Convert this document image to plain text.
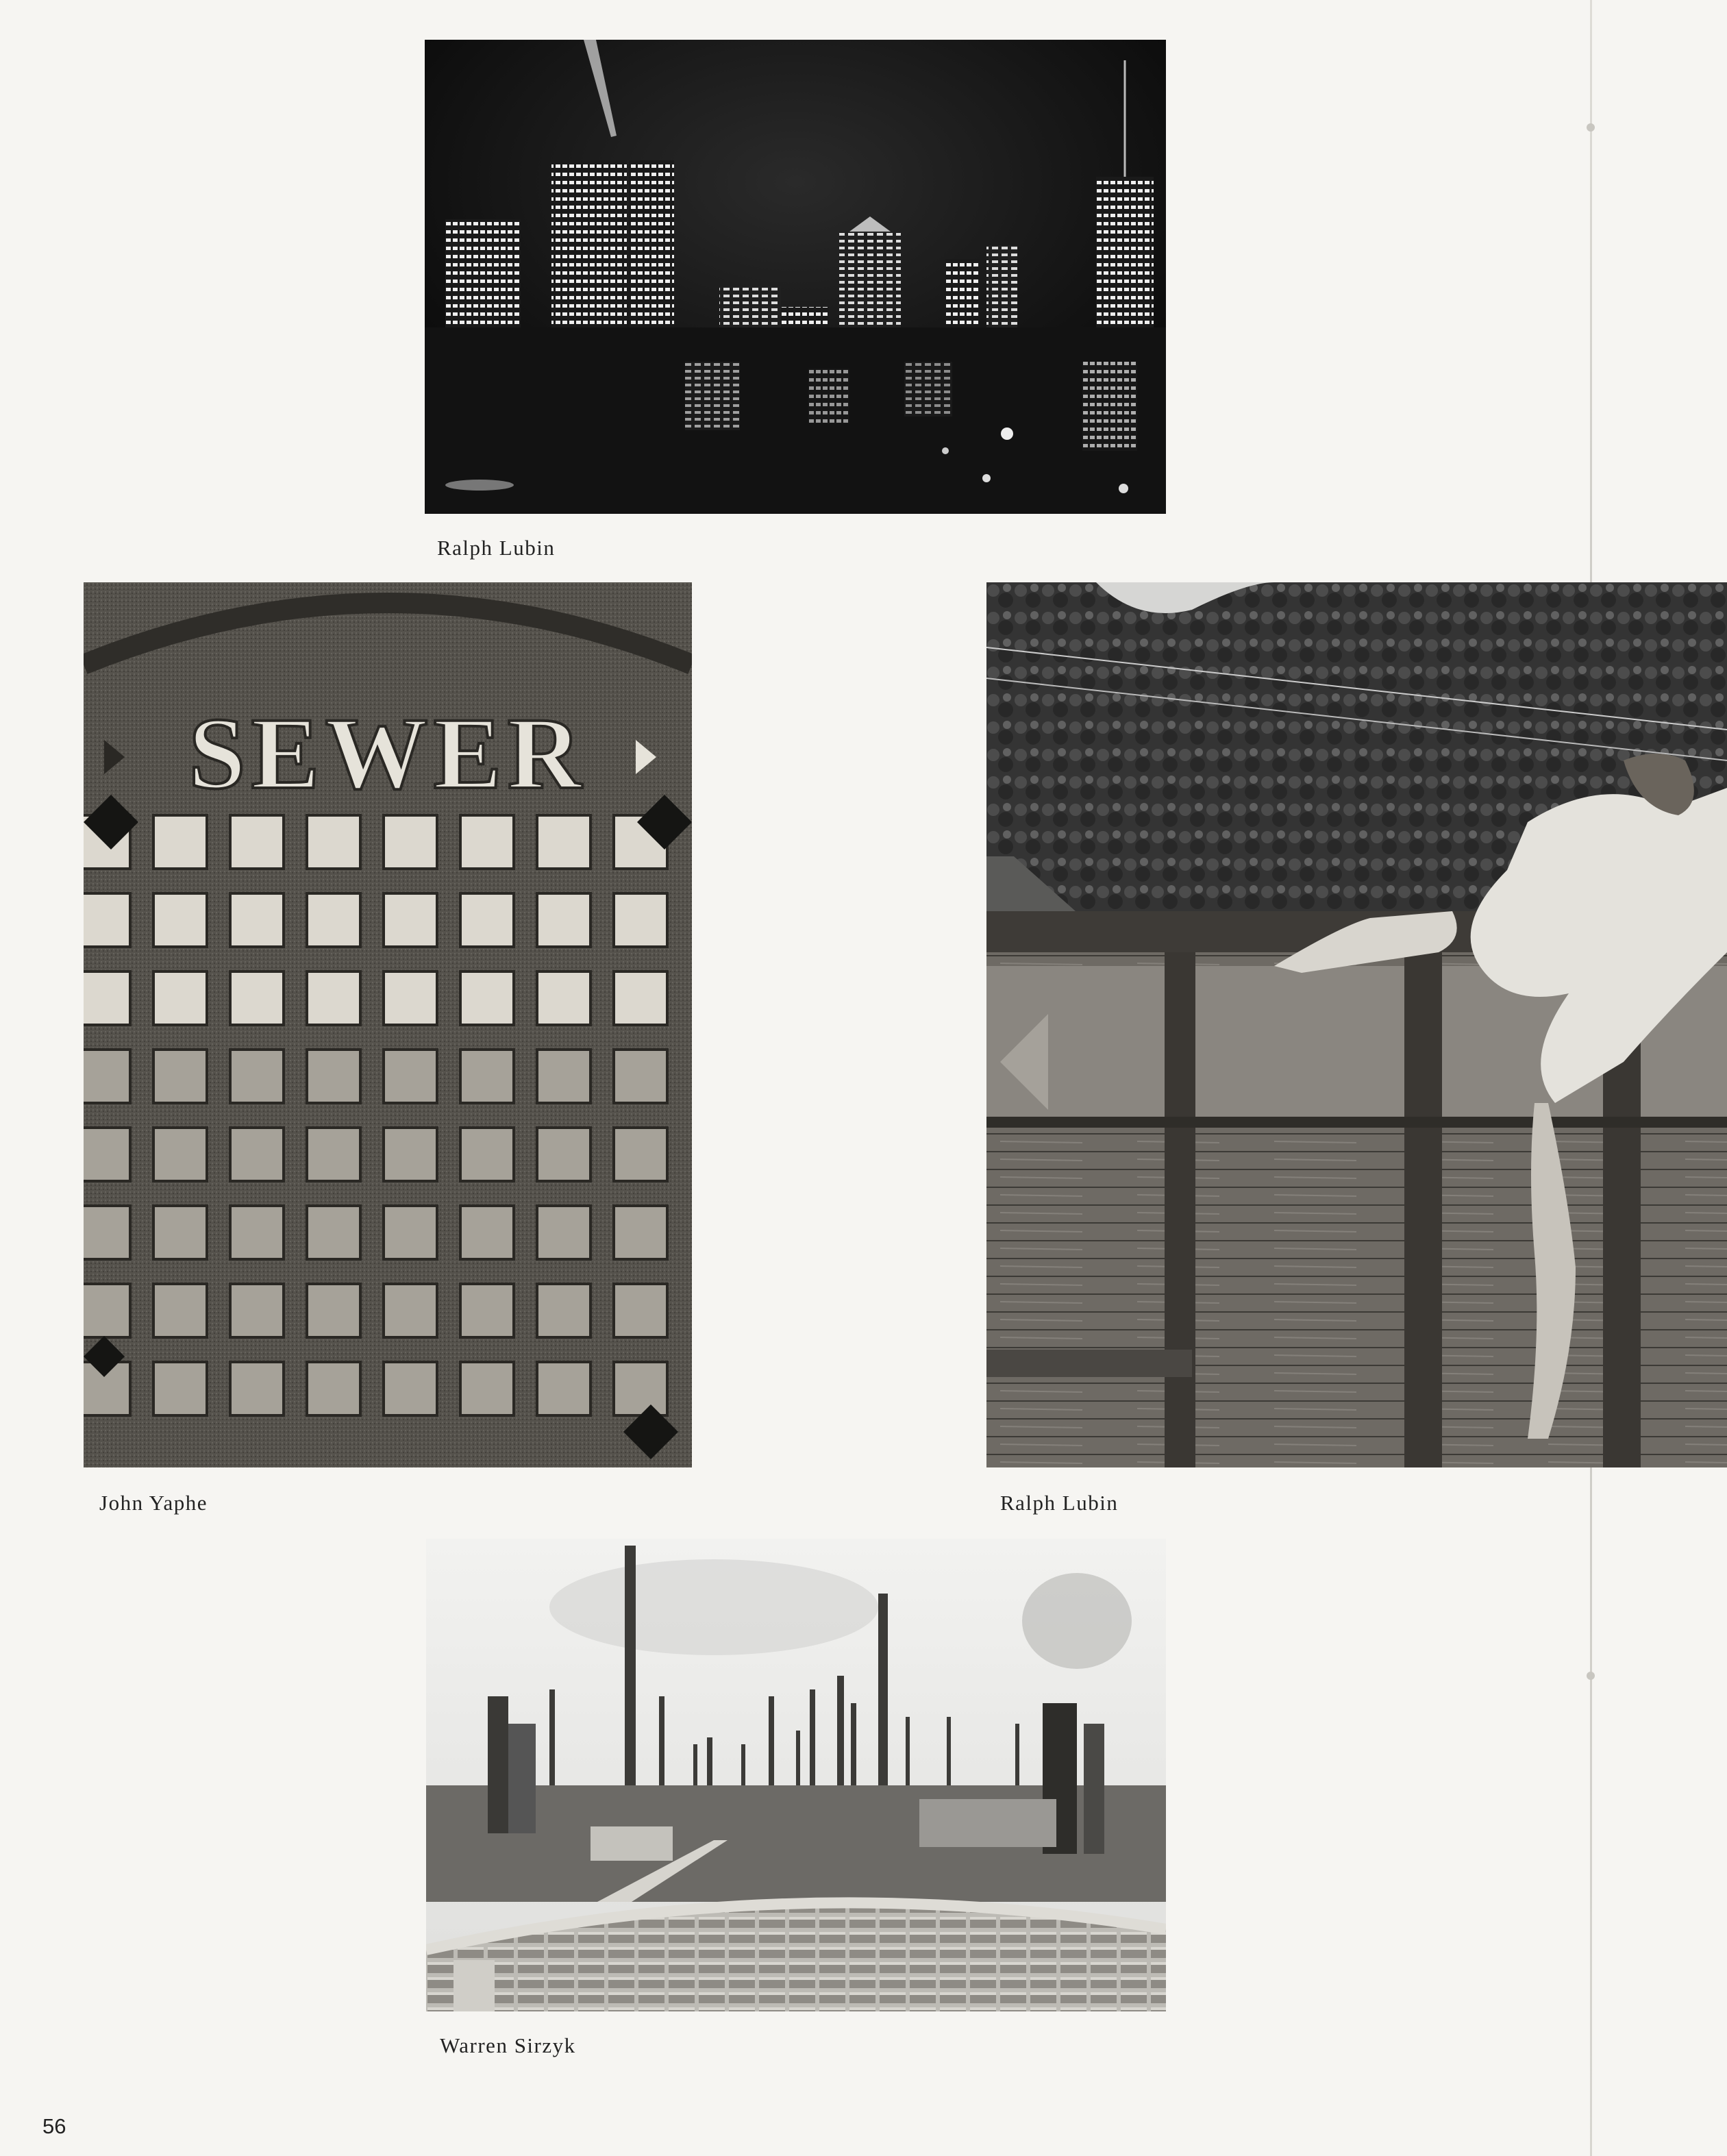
Ralph Lubin
SEWER
John Yaphe	Ralph Lubin
Warren Sirzyk
56
